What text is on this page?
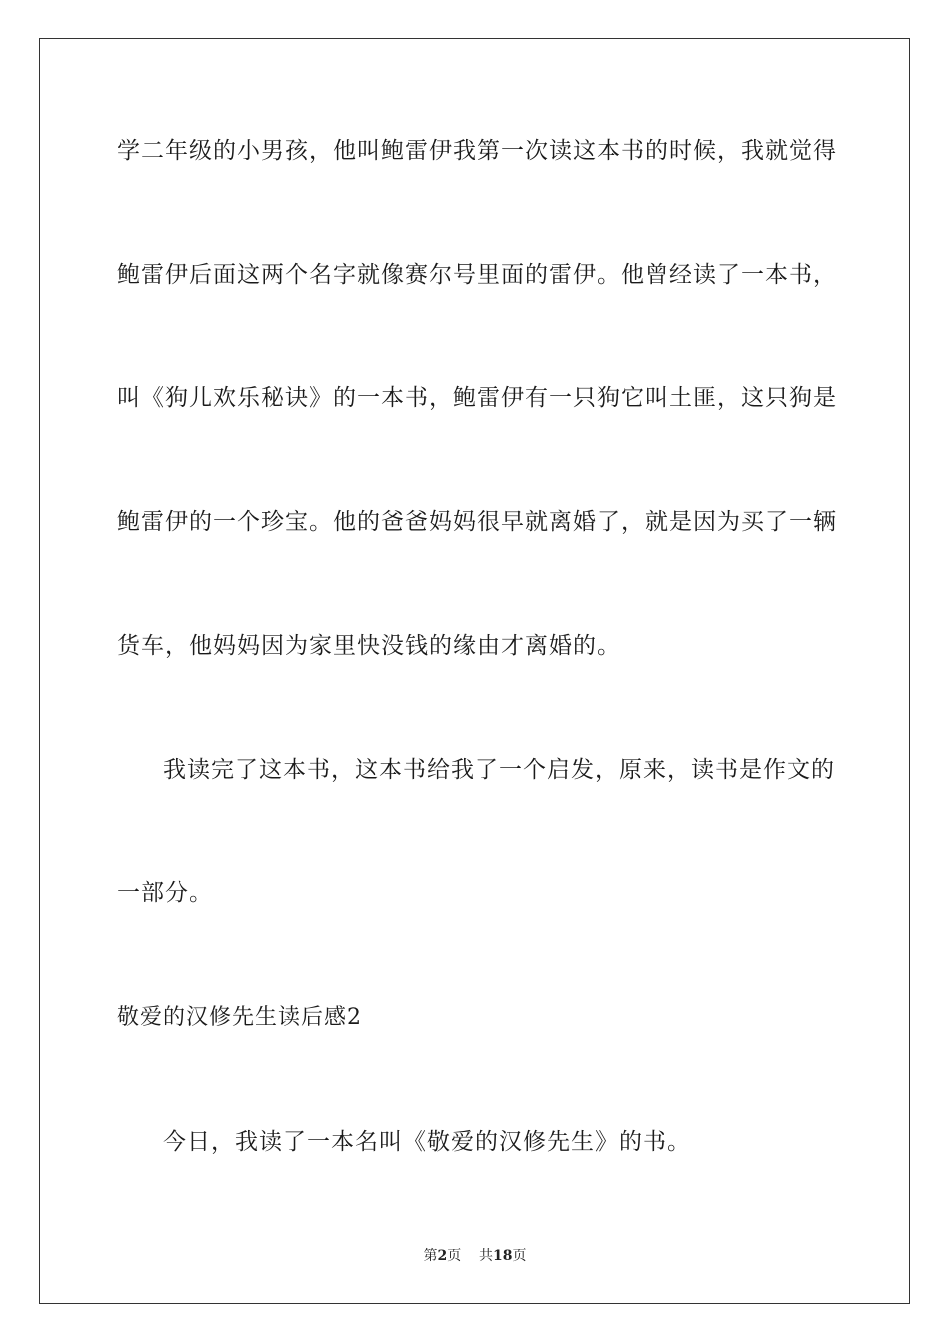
学二年级的小男孩，他叫鲍雷伊我第一次读这本书的时候，我就觉得
鲍雷伊后面这两个名字就像赛尔号里面的雷伊。他曾经读了一本书，
叫《狗儿欢乐秘诀》的一本书，鲍雷伊有一只狗它叫土匪，这只狗是
鲍雷伊的一个珍宝。他的爸爸妈妈很早就离婚了，就是因为买了一辆
货车，他妈妈因为家里快没钱的缘由才离婚的。
我读完了这本书，这本书给我了一个启发，原来，读书是作文的
一部分。
敬爱的汉修先生读后感2
今日，我读了一本名叫《敬爱的汉修先生》的书。
第2页 共18页
